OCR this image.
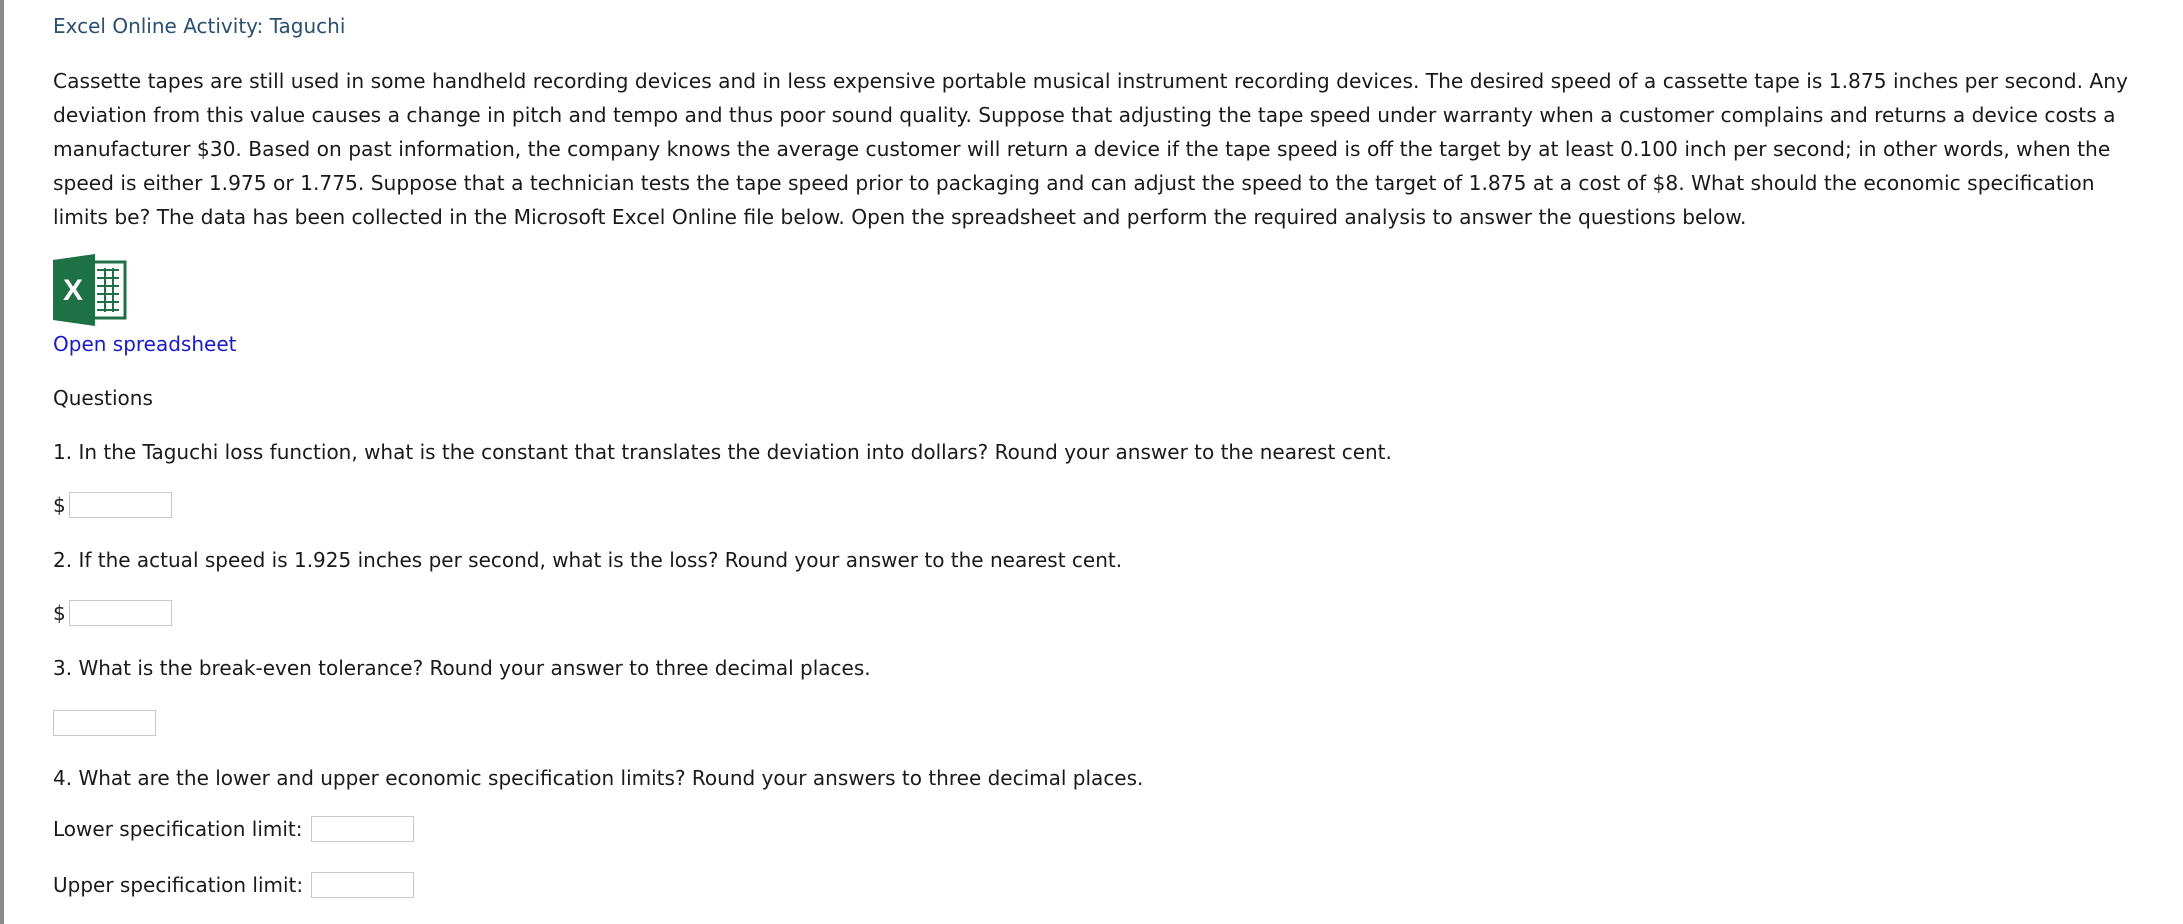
Excel Online Activity: Taguchi

Cassette tapes are still used in some handheld recording devices and in less expensive portable musical instrument recording devices. The desired speed of a cassette tape is 1.875 inches per second. Any deviation from this value causes a change in pitch and tempo and thus poor sound quality. Suppose that adjusting the tape speed under warranty when a customer complains and returns a device costs a manufacturer $30. Based on past information, the company knows the average customer will return a device if the tape speed is off the target by at least 0.100 inch per second; in other words, when the speed is either 1.975 or 1.775. Suppose that a technician tests the tape speed prior to packaging and can adjust the speed to the target of 1.875 at a cost of $8. What should the economic specification limits be? The data has been collected in the Microsoft Excel Online file below. Open the spreadsheet and perform the required analysis to answer the questions below.

X
Open spreadsheet
Questions
1. In the Taguchi loss function, what is the constant that translates the deviation into dollars? Round your answer to the nearest cent.
$
2. If the actual speed is 1.925 inches per second, what is the loss? Round your answer to the nearest cent.
$
3. What is the break-even tolerance? Round your answer to three decimal places.
4. What are the lower and upper economic specification limits? Round your answers to three decimal places.
Lower specification limit:
Upper specification limit:
